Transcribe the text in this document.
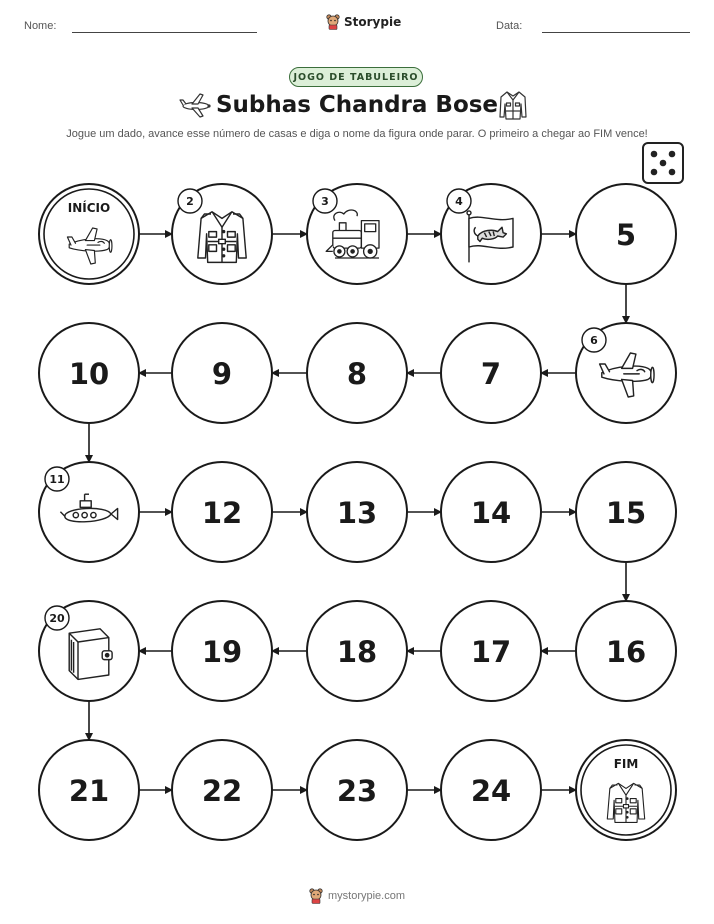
Nome:	Storypie	Data:
JOGO DE TABULEIRO
Subhas Chandra Bose
Jogue um dado, avance esse número de casas e diga o nome da figura onde parar. O primeiro a chegar ao FIM vence!
INÍCIO	2	3	4
5
6
7
8
9
10
11
12	13	14	15
16
17
18
19
20
21	22	23	24
FIM
mystorypie.com
